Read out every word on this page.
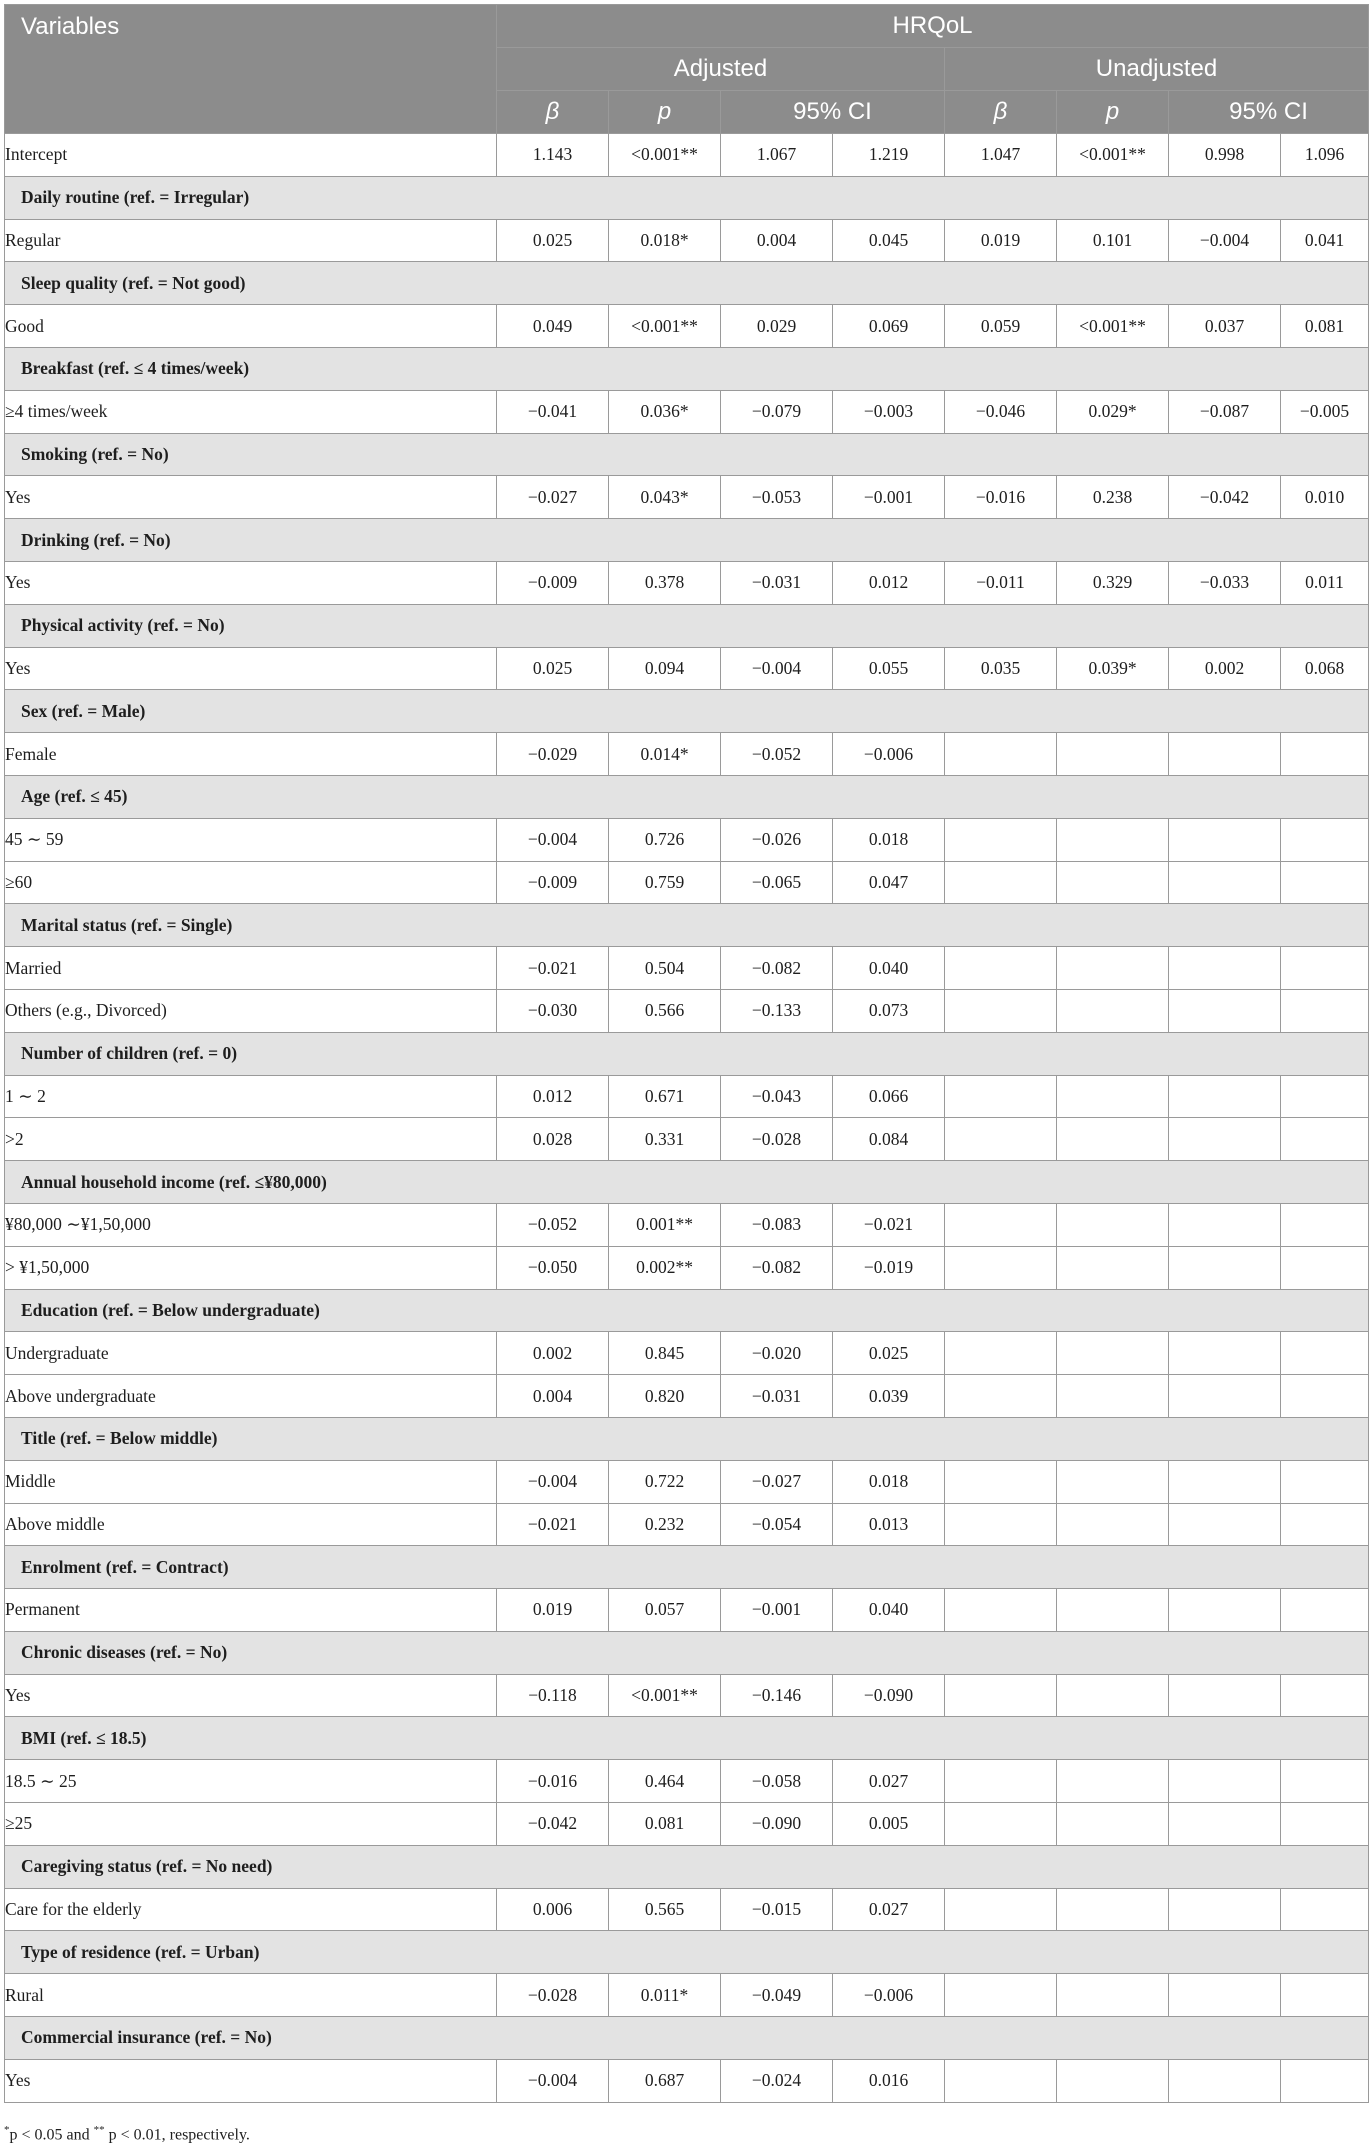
Variables	HRQoL							
	Adjusted				Unadjusted			
	β	p	95% CI		β	p	95% CI	
Intercept	1.143	<0.001**	1.067	1.219	1.047	<0.001**	0.998	1.096
Daily routine (ref. = Irregular)								
Regular	0.025	0.018*	0.004	0.045	0.019	0.101	−0.004	0.041
Sleep quality (ref. = Not good)								
Good	0.049	<0.001**	0.029	0.069	0.059	<0.001**	0.037	0.081
Breakfast (ref. ≤ 4 times/week)								
≥4 times/week	−0.041	0.036*	−0.079	−0.003	−0.046	0.029*	−0.087	−0.005
Smoking (ref. = No)								
Yes	−0.027	0.043*	−0.053	−0.001	−0.016	0.238	−0.042	0.010
Drinking (ref. = No)								
Yes	−0.009	0.378	−0.031	0.012	−0.011	0.329	−0.033	0.011
Physical activity (ref. = No)								
Yes	0.025	0.094	−0.004	0.055	0.035	0.039*	0.002	0.068
Sex (ref. = Male)								
Female	−0.029	0.014*	−0.052	−0.006				
Age (ref. ≤ 45)								
45 ∼ 59	−0.004	0.726	−0.026	0.018				
≥60	−0.009	0.759	−0.065	0.047				
Marital status (ref. = Single)								
Married	−0.021	0.504	−0.082	0.040				
Others (e.g., Divorced)	−0.030	0.566	−0.133	0.073				
Number of children (ref. = 0)								
1 ∼ 2	0.012	0.671	−0.043	0.066				
>2	0.028	0.331	−0.028	0.084				
Annual household income (ref. ≤¥80,000)								
¥80,000 ∼¥1,50,000	−0.052	0.001**	−0.083	−0.021				
> ¥1,50,000	−0.050	0.002**	−0.082	−0.019				
Education (ref. = Below undergraduate)								
Undergraduate	0.002	0.845	−0.020	0.025				
Above undergraduate	0.004	0.820	−0.031	0.039				
Title (ref. = Below middle)								
Middle	−0.004	0.722	−0.027	0.018				
Above middle	−0.021	0.232	−0.054	0.013				
Enrolment (ref. = Contract)								
Permanent	0.019	0.057	−0.001	0.040				
Chronic diseases (ref. = No)								
Yes	−0.118	<0.001**	−0.146	−0.090				
BMI (ref. ≤ 18.5)								
18.5 ∼ 25	−0.016	0.464	−0.058	0.027				
≥25	−0.042	0.081	−0.090	0.005				
Caregiving status (ref. = No need)								
Care for the elderly	0.006	0.565	−0.015	0.027				
Type of residence (ref. = Urban)								
Rural	−0.028	0.011*	−0.049	−0.006				
Commercial insurance (ref. = No)								
Yes	−0.004	0.687	−0.024	0.016				
*p < 0.05 and ** p < 0.01, respectively.
